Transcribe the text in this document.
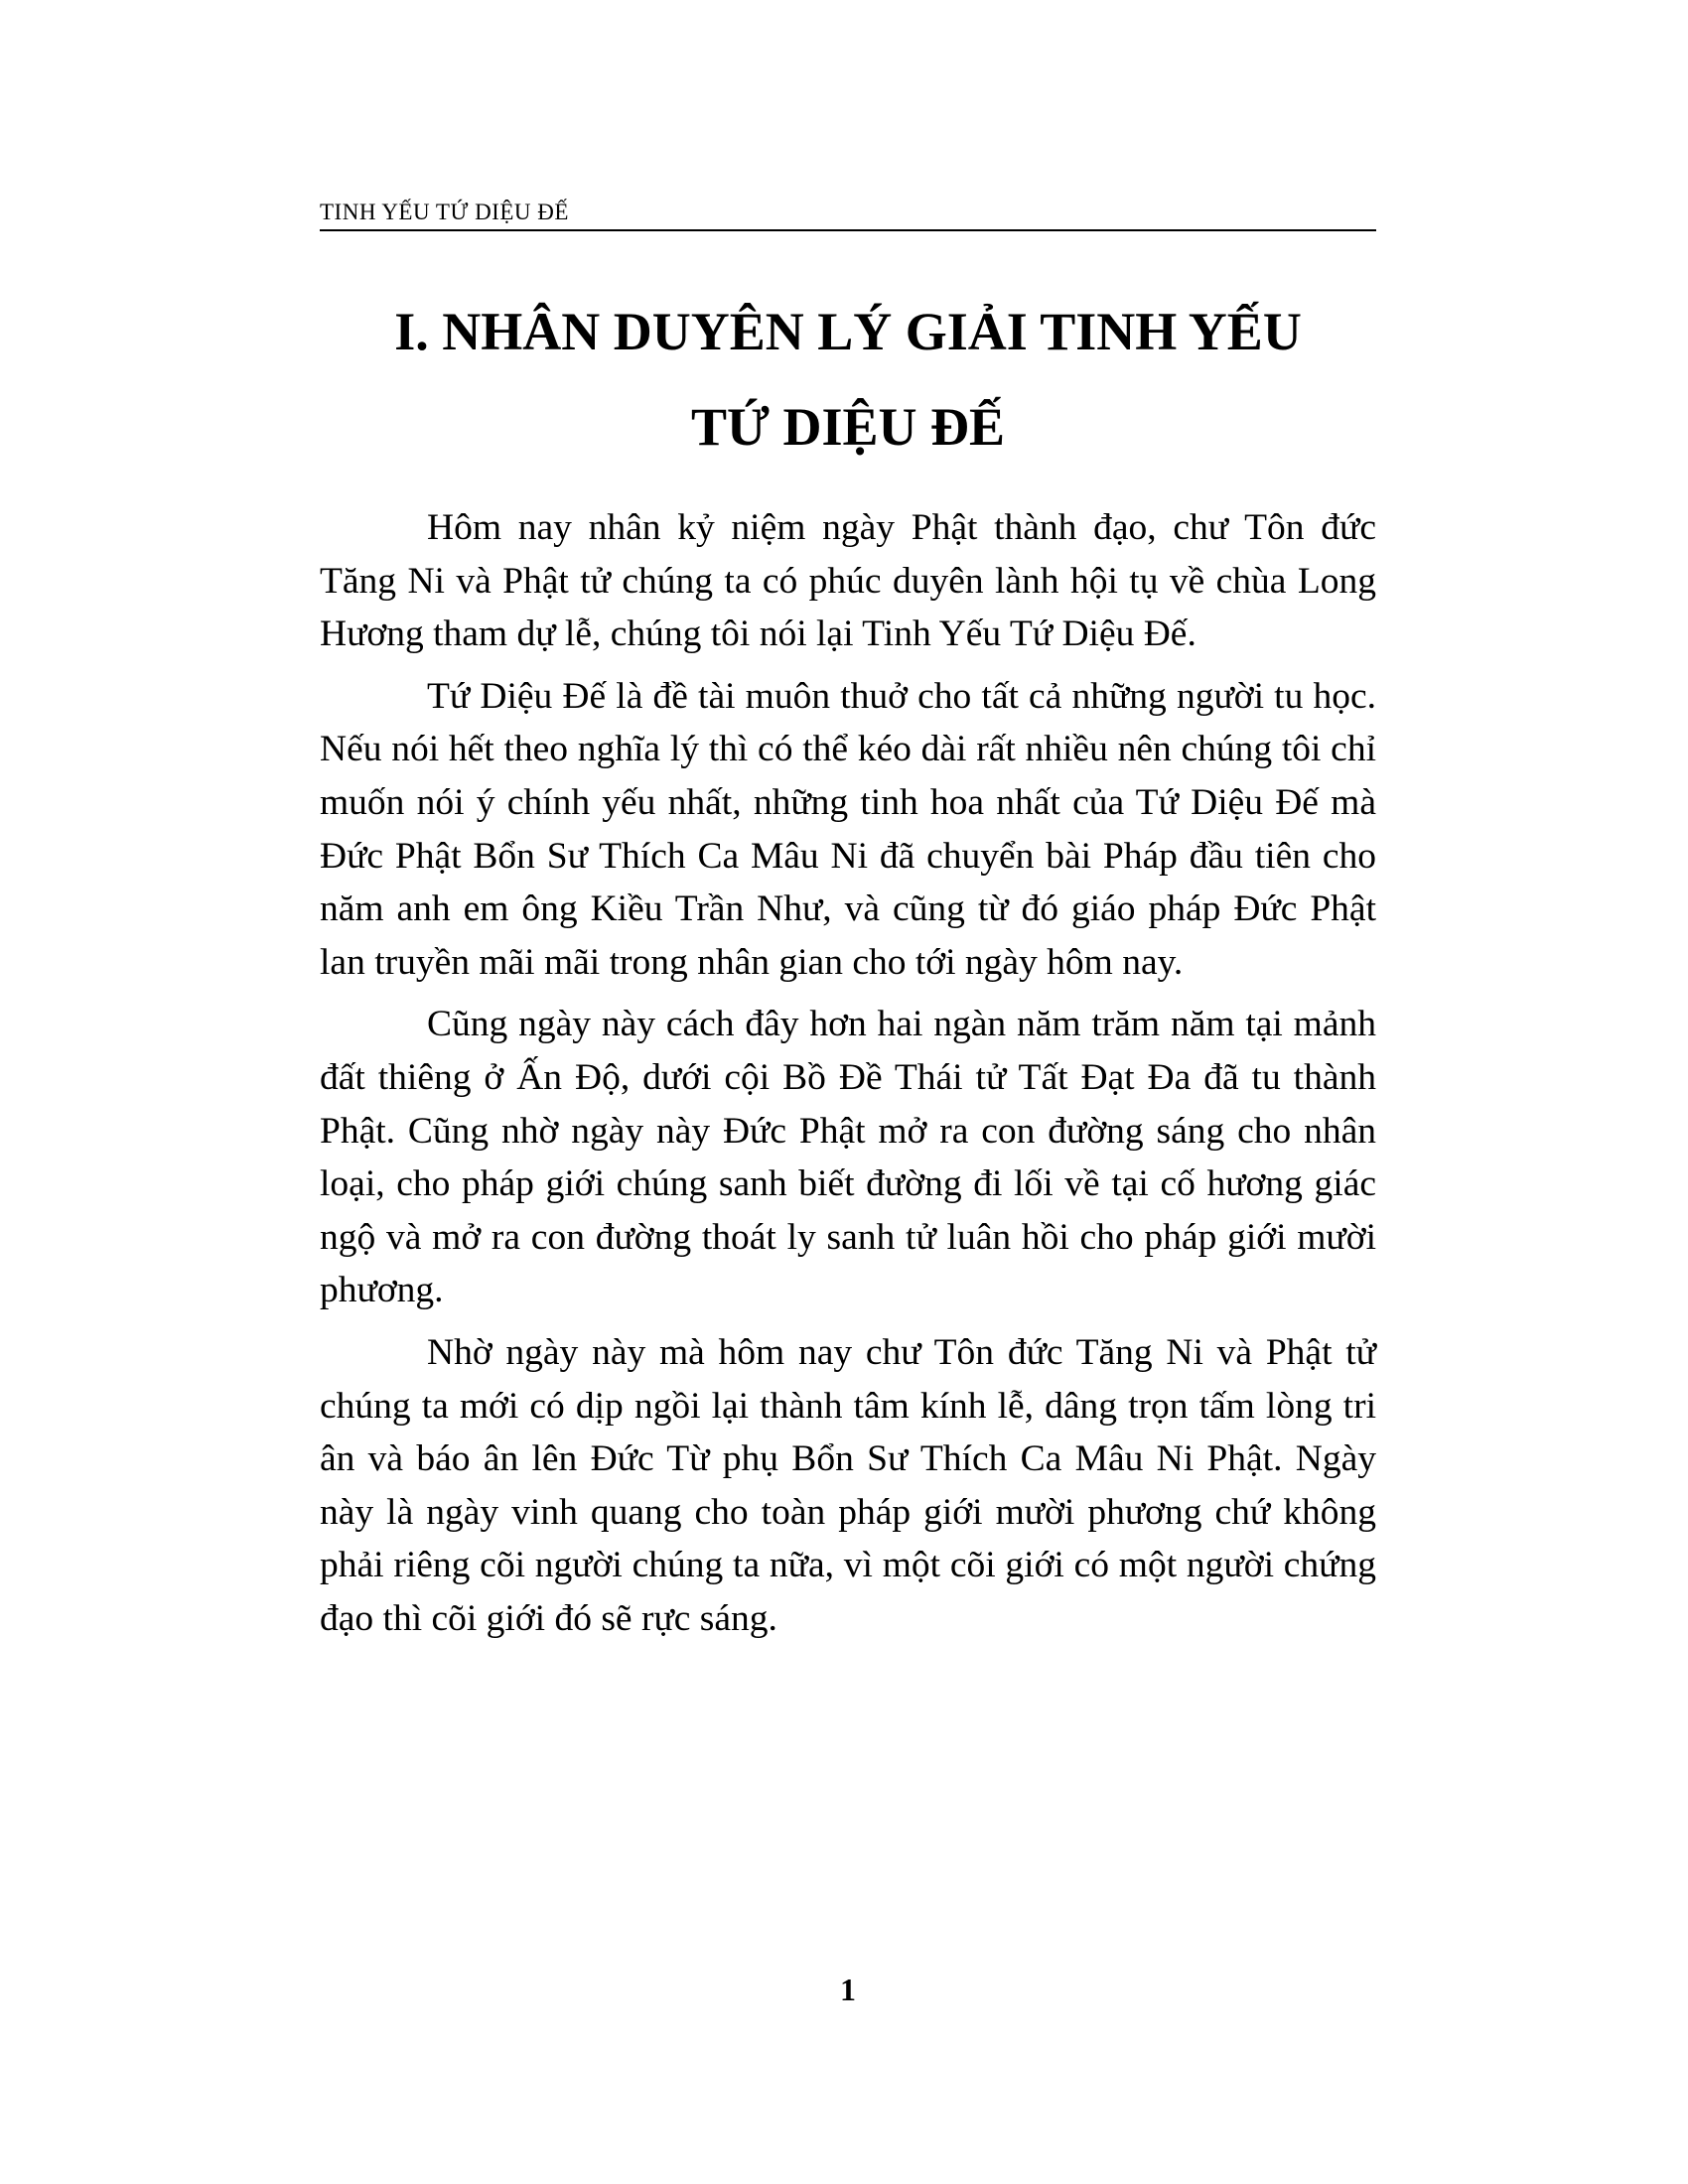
TINH YẾU TỨ DIỆU ĐẾ
I. NHÂN DUYÊN LÝ GIẢI TINH YẾU
TỨ DIỆU ĐẾ

Hôm nay nhân kỷ niệm ngày Phật thành đạo, chư Tôn đức Tăng Ni và Phật tử chúng ta có phúc duyên lành hội tụ về chùa Long Hương tham dự lễ, chúng tôi nói lại Tinh Yếu Tứ Diệu Đế.

Tứ Diệu Đế là đề tài muôn thuở cho tất cả những người tu học. Nếu nói hết theo nghĩa lý thì có thể kéo dài rất nhiều nên chúng tôi chỉ muốn nói ý chính yếu nhất, những tinh hoa nhất của Tứ Diệu Đế mà Đức Phật Bổn Sư Thích Ca Mâu Ni đã chuyển bài Pháp đầu tiên cho năm anh em ông Kiều Trần Như, và cũng từ đó giáo pháp Đức Phật lan truyền mãi mãi trong nhân gian cho tới ngày hôm nay.

Cũng ngày này cách đây hơn hai ngàn năm trăm năm tại mảnh đất thiêng ở Ấn Độ, dưới cội Bồ Đề Thái tử Tất Đạt Đa đã tu thành Phật. Cũng nhờ ngày này Đức Phật mở ra con đường sáng cho nhân loại, cho pháp giới chúng sanh biết đường đi lối về tại cố hương giác ngộ và mở ra con đường thoát ly sanh tử luân hồi cho pháp giới mười phương.

Nhờ ngày này mà hôm nay chư Tôn đức Tăng Ni và Phật tử chúng ta mới có dịp ngồi lại thành tâm kính lễ, dâng trọn tấm lòng tri ân và báo ân lên Đức Từ phụ Bổn Sư Thích Ca Mâu Ni Phật. Ngày này là ngày vinh quang cho toàn pháp giới mười phương chứ không phải riêng cõi người chúng ta nữa, vì một cõi giới có một người chứng đạo thì cõi giới đó sẽ rực sáng.

1
